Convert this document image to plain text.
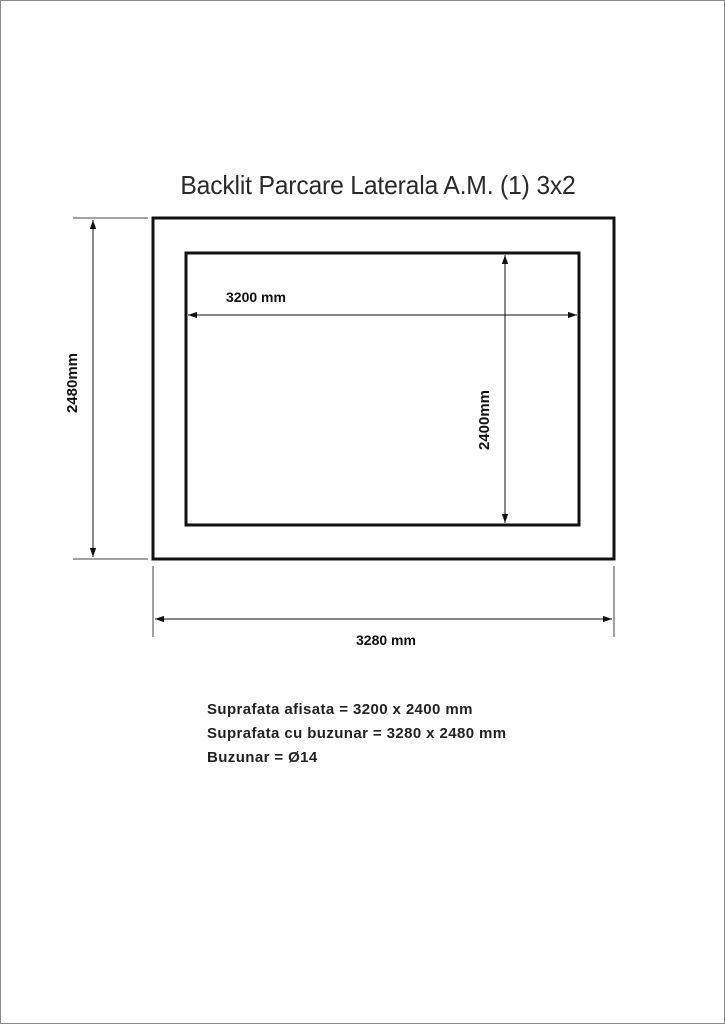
Backlit Parcare Laterala A.M. (1) 3x2
2480mm
3200 mm
2400mm
3280 mm
Suprafata afisata = 3200 x 2400 mm
Suprafata cu buzunar = 3280 x 2480 mm
Buzunar = Ø14
